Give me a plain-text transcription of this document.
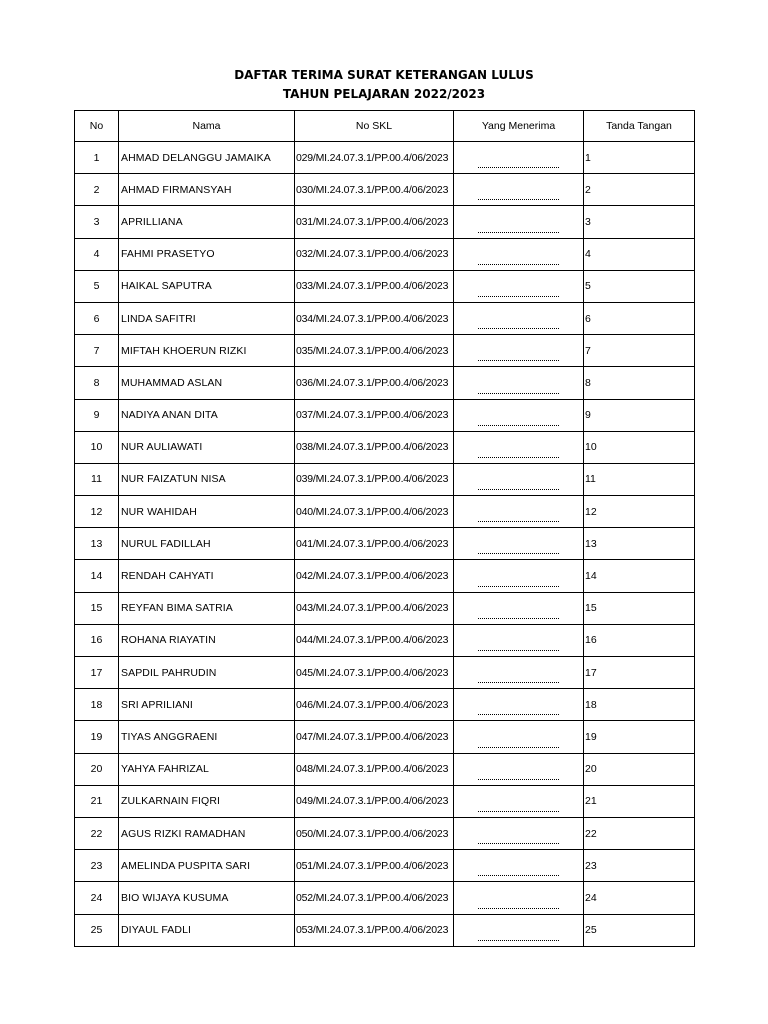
DAFTAR TERIMA SURAT KETERANGAN LULUS
TAHUN PELAJARAN 2022/2023
No	Nama	No SKL	Yang Menerima	Tanda Tangan
1	AHMAD DELANGGU JAMAIKA	029/MI.24.07.3.1/PP.00.4/06/2023		1
2	AHMAD FIRMANSYAH	030/MI.24.07.3.1/PP.00.4/06/2023		2
3	APRILLIANA	031/MI.24.07.3.1/PP.00.4/06/2023		3
4	FAHMI PRASETYO	032/MI.24.07.3.1/PP.00.4/06/2023		4
5	HAIKAL SAPUTRA	033/MI.24.07.3.1/PP.00.4/06/2023		5
6	LINDA SAFITRI	034/MI.24.07.3.1/PP.00.4/06/2023		6
7	MIFTAH KHOERUN RIZKI	035/MI.24.07.3.1/PP.00.4/06/2023		7
8	MUHAMMAD ASLAN	036/MI.24.07.3.1/PP.00.4/06/2023		8
9	NADIYA ANAN DITA	037/MI.24.07.3.1/PP.00.4/06/2023		9
10	NUR AULIAWATI	038/MI.24.07.3.1/PP.00.4/06/2023		10
11	NUR FAIZATUN NISA	039/MI.24.07.3.1/PP.00.4/06/2023		11
12	NUR WAHIDAH	040/MI.24.07.3.1/PP.00.4/06/2023		12
13	NURUL FADILLAH	041/MI.24.07.3.1/PP.00.4/06/2023		13
14	RENDAH CAHYATI	042/MI.24.07.3.1/PP.00.4/06/2023		14
15	REYFAN BIMA SATRIA	043/MI.24.07.3.1/PP.00.4/06/2023		15
16	ROHANA RIAYATIN	044/MI.24.07.3.1/PP.00.4/06/2023		16
17	SAPDIL PAHRUDIN	045/MI.24.07.3.1/PP.00.4/06/2023		17
18	SRI APRILIANI	046/MI.24.07.3.1/PP.00.4/06/2023		18
19	TIYAS ANGGRAENI	047/MI.24.07.3.1/PP.00.4/06/2023		19
20	YAHYA FAHRIZAL	048/MI.24.07.3.1/PP.00.4/06/2023		20
21	ZULKARNAIN FIQRI	049/MI.24.07.3.1/PP.00.4/06/2023		21
22	AGUS RIZKI RAMADHAN	050/MI.24.07.3.1/PP.00.4/06/2023		22
23	AMELINDA PUSPITA SARI	051/MI.24.07.3.1/PP.00.4/06/2023		23
24	BIO WIJAYA KUSUMA	052/MI.24.07.3.1/PP.00.4/06/2023		24
25	DIYAUL FADLI	053/MI.24.07.3.1/PP.00.4/06/2023		25
